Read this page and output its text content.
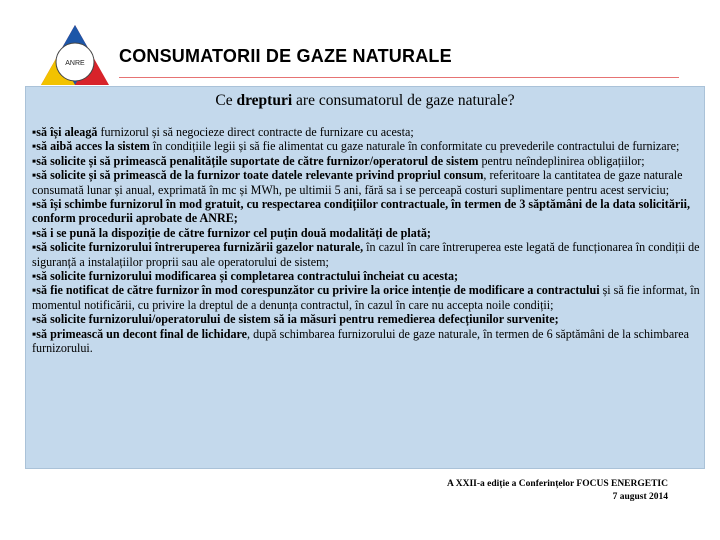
ANRE CONSUMATORII DE GAZE NATURALE
Ce drepturi are consumatorul de gaze naturale?

▪să își aleagă furnizorul și să negocieze direct contracte de furnizare cu acesta;

▪să aibă acces la sistem în condițiile legii și să fie alimentat cu gaze naturale în conformitate cu prevederile contractului de furnizare;

▪să solicite și să primească penalitățile suportate de către furnizor/operatorul de sistem pentru neîndeplinirea obligațiilor;

▪să solicite și să primească de la furnizor toate datele relevante privind propriul consum, referitoare la cantitatea de gaze naturale consumată lunar și anual, exprimată în mc și MWh, pe ultimii 5 ani, fără sa i se perceapă costuri suplimentare pentru acest serviciu;

▪să își schimbe furnizorul în mod gratuit, cu respectarea condițiilor contractuale, în termen de 3 săptămâni de la data solicitării, conform procedurii aprobate de ANRE;

▪să i se pună la dispoziție de către furnizor cel puțin două modalități de plată;

▪să solicite furnizorului întreruperea furnizării gazelor naturale, în cazul în care întreruperea este legată de funcționarea în condiții de siguranță a instalațiilor proprii sau ale operatorului de sistem;

▪să solicite furnizorului modificarea și completarea contractului încheiat cu acesta;

▪să fie notificat de către furnizor în mod corespunzător cu privire la orice intenție de modificare a contractului și să fie informat, în momentul notificării, cu privire la dreptul de a denunța contractul, în cazul în care nu accepta noile condiții;

▪să solicite furnizorului/operatorului de sistem să ia măsuri pentru remedierea defecțiunilor survenite;

▪să primească un decont final de lichidare, după schimbarea furnizorului de gaze naturale, în termen de 6 săptămâni de la schimbarea furnizorului.

A XXII-a ediție a Conferințelor FOCUS ENERGETIC
7 august 2014
